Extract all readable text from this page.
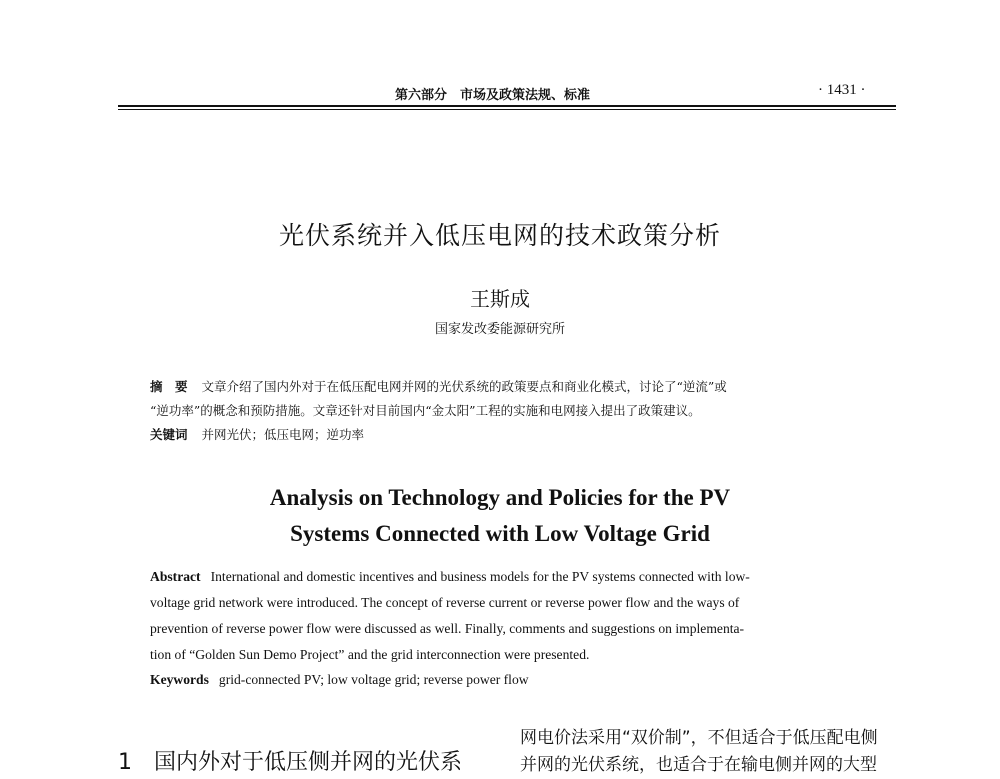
第六部分　市场及政策法规、标准	· 1431 ·
光伏系统并入低压电网的技术政策分析
王斯成
国家发改委能源研究所
摘　要 文章介绍了国内外对于在低压配电网并网的光伏系统的政策要点和商业化模式，讨论了“逆流”或
“逆功率”的概念和预防措施。文章还针对目前国内“金太阳”工程的实施和电网接入提出了政策建议。
关键词 并网光伏；低压电网；逆功率
Analysis on Technology and Policies for the PV
Systems Connected with Low Voltage Grid
Abstract International and domestic incentives and business models for the PV systems connected with low-
voltage grid network were introduced. The concept of reverse current or reverse power flow and the ways of
prevention of reverse power flow were discussed as well. Finally, comments and suggestions on implementa-
tion of “Golden Sun Demo Project” and the grid interconnection were presented.
Keywords grid-connected PV; low voltage grid; reverse power flow
1　国内外对于低压侧并网的光伏系
网电价法采用“双价制”，不但适合于低压配电侧
并网的光伏系统，也适合于在输电侧并网的大型
